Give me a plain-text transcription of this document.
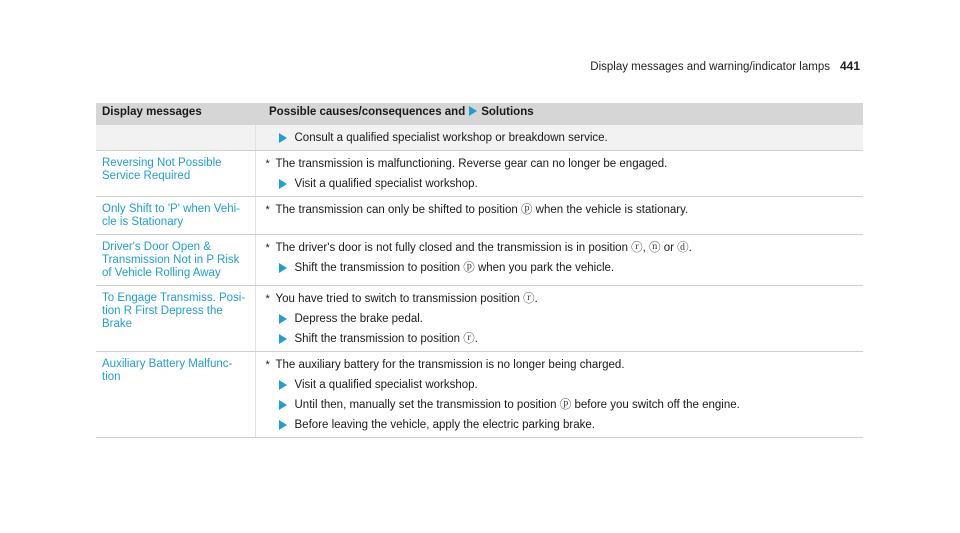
Display messages and warning/indicator lamps 441
Display messages	Possible causes/consequences and Solutions

	Consult a qualified specialist workshop or breakdown service.

Reversing Not Possible Service Required	* The transmission is malfunctioning. Reverse gear can no longer be engaged.
Visit a qualified specialist workshop.

Only Shift to 'P' when Vehi-cle is Stationary	* The transmission can only be shifted to position ⓟ when the vehicle is stationary.

Driver's Door Open & Transmission Not in P Risk of Vehicle Rolling Away	* The driver's door is not fully closed and the transmission is in position ⓡ, ⓝ or ⓓ.
Shift the transmission to position ⓟ when you park the vehicle.

To Engage Transmiss. Posi-tion R First Depress the Brake	* You have tried to switch to transmission position ⓡ.
Depress the brake pedal.
Shift the transmission to position ⓡ.

Auxiliary Battery Malfunc-tion	* The auxiliary battery for the transmission is no longer being charged.
Visit a qualified specialist workshop.
Until then, manually set the transmission to position ⓟ before you switch off the engine.
Before leaving the vehicle, apply the electric parking brake.
